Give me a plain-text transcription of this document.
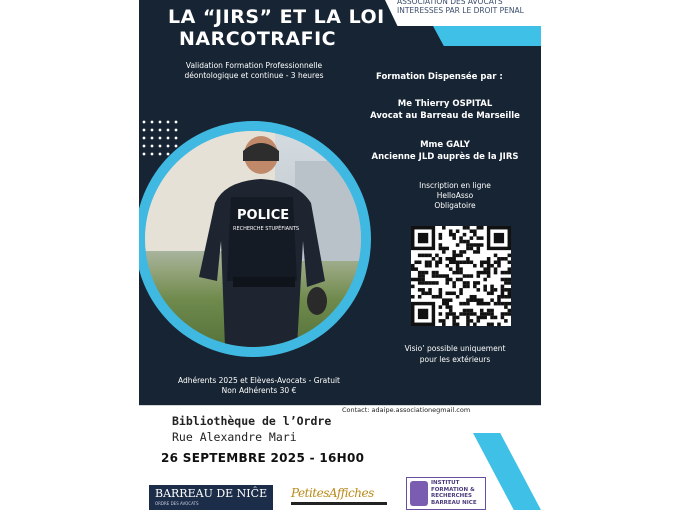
ASSOCIATION DES AVOCATS
INTERESSES PAR LE DROIT PENAL
LA “JIRS” ET LA LOI
NARCOTRAFIC
Validation Formation Professionnelle
déontologique et continue - 3 heures
POLICE
RECHERCHE STUPÉFIANTS
Formation Dispensée par :
Me Thierry OSPITAL
Avocat au Barreau de Marseille
Mme GALY
Ancienne JLD auprès de la JIRS
Inscription en ligne
HelloAsso
Obligatoire
Visio’ possible uniquement
pour les extérieurs
Adhérents 2025 et Elèves-Avocats - Gratuit
Non Adhérents 30 €
Contact: adaipe.associationegmail.com
Bibliothèque de l’Ordre
Rue Alexandre Mari
26 SEPTEMBRE 2025 - 16H00
BARREAU DE NIĈE
ORDRE DES AVOCATS
PetitesAffiches
INSTITUT
FORMATION &
RECHERCHES
BARREAU NICE
